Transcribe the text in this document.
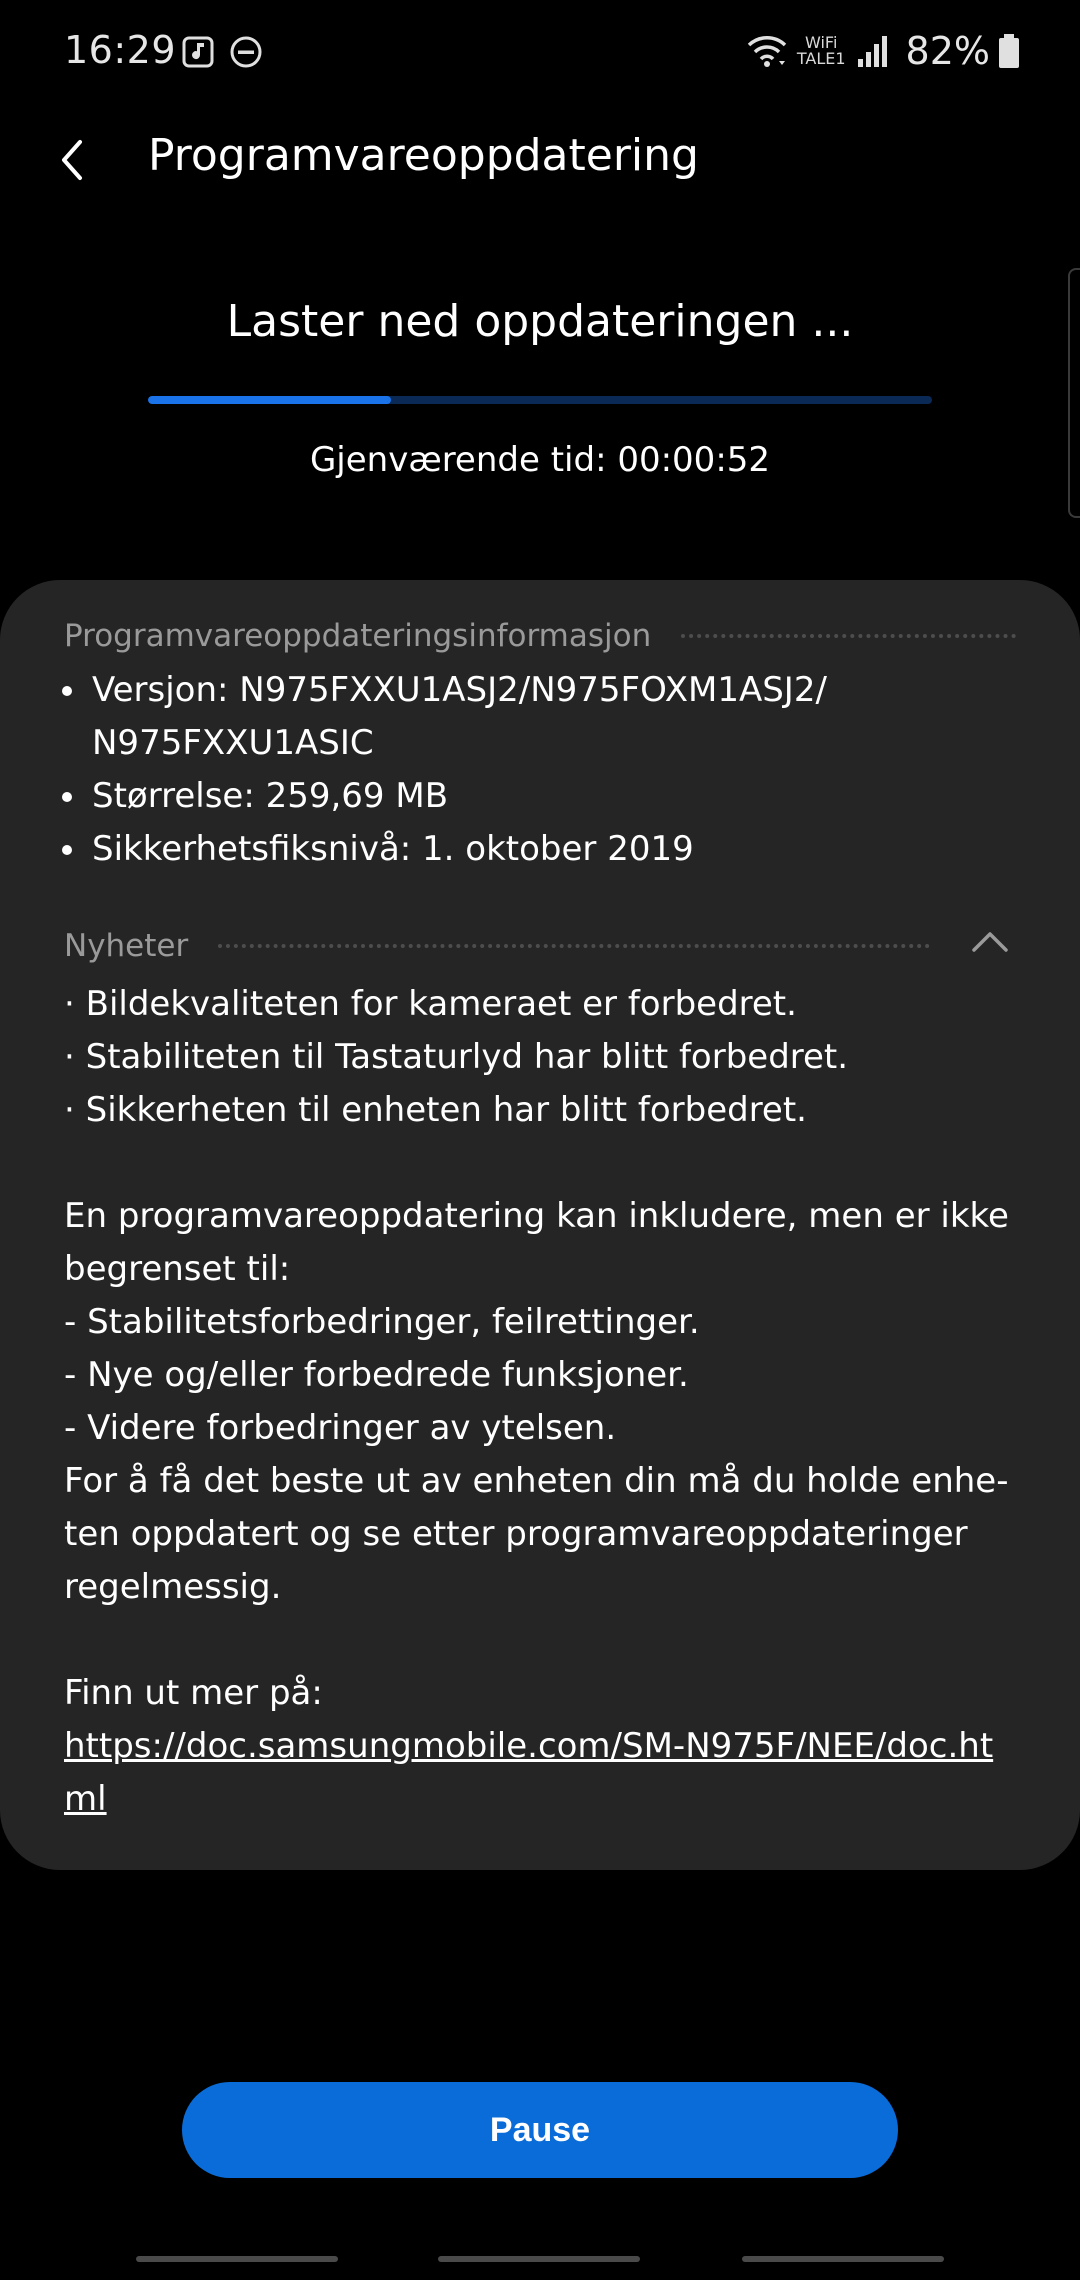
16:29	WiFi
TALE1 82%
Programvareoppdatering
Laster ned oppdateringen ...
Gjenværende tid: 00:00:52
Programvareoppdateringsinformasjon
Versjon: N975FXXU1ASJ2/N975FOXM1ASJ2/ N975FXXU1ASIC
Størrelse: 259,69 MB
Sikkerhetsfiksnivå: 1. oktober 2019
Nyheter
· Bildekvaliteten for kameraet er forbedret.
· Stabiliteten til Tastaturlyd har blitt forbedret.
· Sikkerheten til enheten har blitt forbedret.

En programvareoppdatering kan inkludere, men er ikke begrenset til:
- Stabilitetsforbedringer, feilrettinger.
- Nye og/eller forbedrede funksjoner.
- Videre forbedringer av ytelsen.
For å få det beste ut av enheten din må du holde enheten oppdatert og se etter programvareoppdateringer regelmessig.

Finn ut mer på:
https://doc.samsungmobile.com/SM-N975F/NEE/doc.html
Pause
